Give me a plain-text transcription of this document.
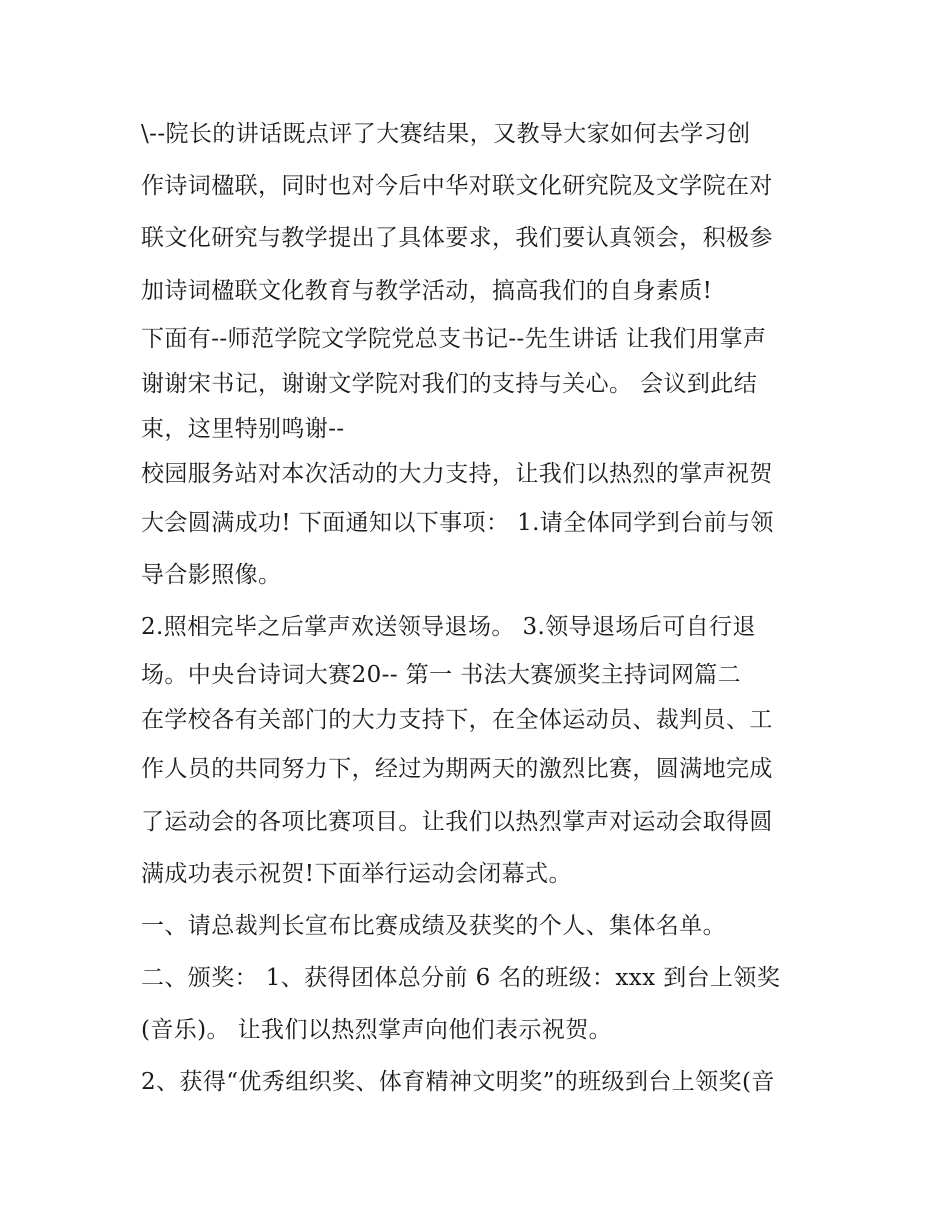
\--院长的讲话既点评了大赛结果，又教导大家如何去学习创
作诗词楹联，同时也对今后中华对联文化研究院及文学院在对
联文化研究与教学提出了具体要求，我们要认真领会，积极参
加诗词楹联文化教育与教学活动，搞高我们的自身素质!
下面有--师范学院文学院党总支书记--先生讲话 让我们用掌声
谢谢宋书记，谢谢文学院对我们的支持与关心。 会议到此结
束，这里特别鸣谢--
校园服务站对本次活动的大力支持，让我们以热烈的掌声祝贺
大会圆满成功! 下面通知以下事项： 1.请全体同学到台前与领
导合影照像。
2.照相完毕之后掌声欢送领导退场。 3.领导退场后可自行退
场。中央台诗词大赛20-- 第一 书法大赛颁奖主持词网篇二
在学校各有关部门的大力支持下，在全体运动员、裁判员、工
作人员的共同努力下，经过为期两天的激烈比赛，圆满地完成
了运动会的各项比赛项目。让我们以热烈掌声对运动会取得圆
满成功表示祝贺!下面举行运动会闭幕式。
一、请总裁判长宣布比赛成绩及获奖的个人、集体名单。
二、颁奖： 1、获得团体总分前 6 名的班级：xxx 到台上领奖
(音乐)。 让我们以热烈掌声向他们表示祝贺。
2、获得“优秀组织奖、体育精神文明奖”的班级到台上领奖(音
